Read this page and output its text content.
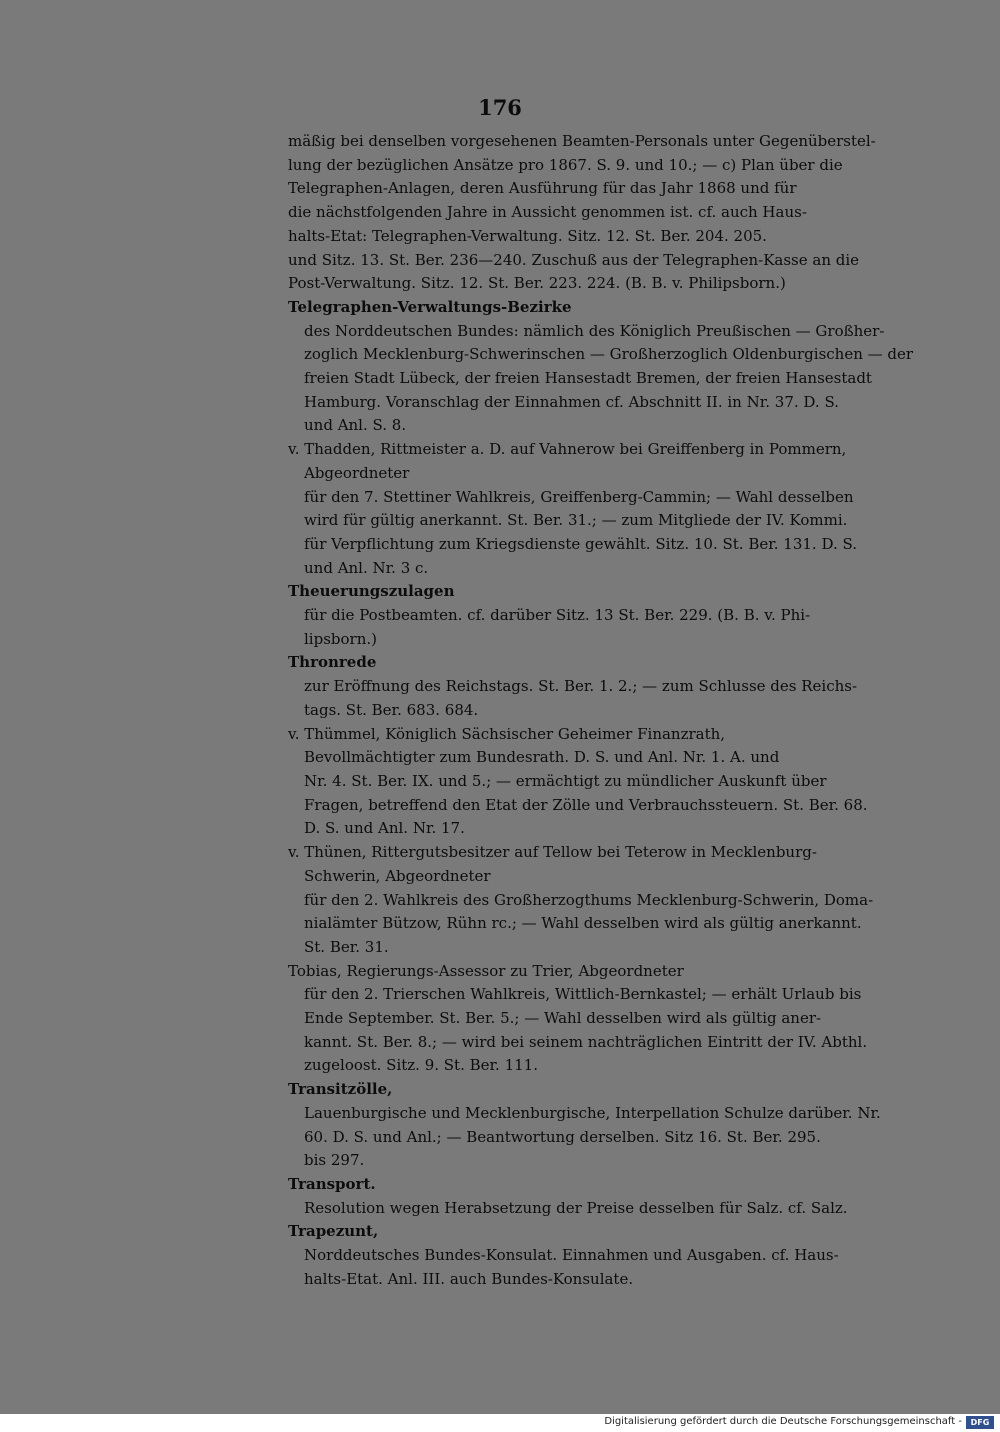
176
mäßig bei denselben vorgesehenen Beamten-Personals unter Gegenüberstel-
lung der bezüglichen Ansätze pro 1867. S. 9. und 10.; — c) Plan über die
Telegraphen-Anlagen, deren Ausführung für das Jahr 1868 und für
die nächstfolgenden Jahre in Aussicht genommen ist. cf. auch Haus-
halts-Etat: Telegraphen-Verwaltung. Sitz. 12. St. Ber. 204. 205.
und Sitz. 13. St. Ber. 236—240. Zuschuß aus der Telegraphen-Kasse an die
Post-Verwaltung. Sitz. 12. St. Ber. 223. 224. (B. B. v. Philipsborn.)
Telegraphen-Verwaltungs-Bezirke
des Norddeutschen Bundes: nämlich des Königlich Preußischen — Großher-
zoglich Mecklenburg-Schwerinschen — Großherzoglich Oldenburgischen — der
freien Stadt Lübeck, der freien Hansestadt Bremen, der freien Hansestadt
Hamburg. Voranschlag der Einnahmen cf. Abschnitt II. in Nr. 37. D. S.
und Anl. S. 8.
v. Thadden, Rittmeister a. D. auf Vahnerow bei Greiffenberg in Pommern,
Abgeordneter
für den 7. Stettiner Wahlkreis, Greiffenberg-Cammin; — Wahl desselben
wird für gültig anerkannt. St. Ber. 31.; — zum Mitgliede der IV. Kommi.
für Verpflichtung zum Kriegsdienste gewählt. Sitz. 10. St. Ber. 131. D. S.
und Anl. Nr. 3 c.
Theuerungszulagen
für die Postbeamten. cf. darüber Sitz. 13 St. Ber. 229. (B. B. v. Phi-
lipsborn.)
Thronrede
zur Eröffnung des Reichstags. St. Ber. 1. 2.; — zum Schlusse des Reichs-
tags. St. Ber. 683. 684.
v. Thümmel, Königlich Sächsischer Geheimer Finanzrath,
Bevollmächtigter zum Bundesrath. D. S. und Anl. Nr. 1. A. und
Nr. 4. St. Ber. IX. und 5.; — ermächtigt zu mündlicher Auskunft über
Fragen, betreffend den Etat der Zölle und Verbrauchssteuern. St. Ber. 68.
D. S. und Anl. Nr. 17.
v. Thünen, Rittergutsbesitzer auf Tellow bei Teterow in Mecklenburg-
Schwerin, Abgeordneter
für den 2. Wahlkreis des Großherzogthums Mecklenburg-Schwerin, Doma-
nialämter Bützow, Rühn rc.; — Wahl desselben wird als gültig anerkannt.
St. Ber. 31.
Tobias, Regierungs-Assessor zu Trier, Abgeordneter
für den 2. Trierschen Wahlkreis, Wittlich-Bernkastel; — erhält Urlaub bis
Ende September. St. Ber. 5.; — Wahl desselben wird als gültig aner-
kannt. St. Ber. 8.; — wird bei seinem nachträglichen Eintritt der IV. Abthl.
zugeloost. Sitz. 9. St. Ber. 111.
Transitzölle,
Lauenburgische und Mecklenburgische, Interpellation Schulze darüber. Nr.
60. D. S. und Anl.; — Beantwortung derselben. Sitz 16. St. Ber. 295.
bis 297.
Transport.
Resolution wegen Herabsetzung der Preise desselben für Salz. cf. Salz.
Trapezunt,
Norddeutsches Bundes-Konsulat. Einnahmen und Ausgaben. cf. Haus-
halts-Etat. Anl. III. auch Bundes-Konsulate.
Digitalisierung gefördert durch die Deutsche Forschungsgemeinschaft -	DFG
